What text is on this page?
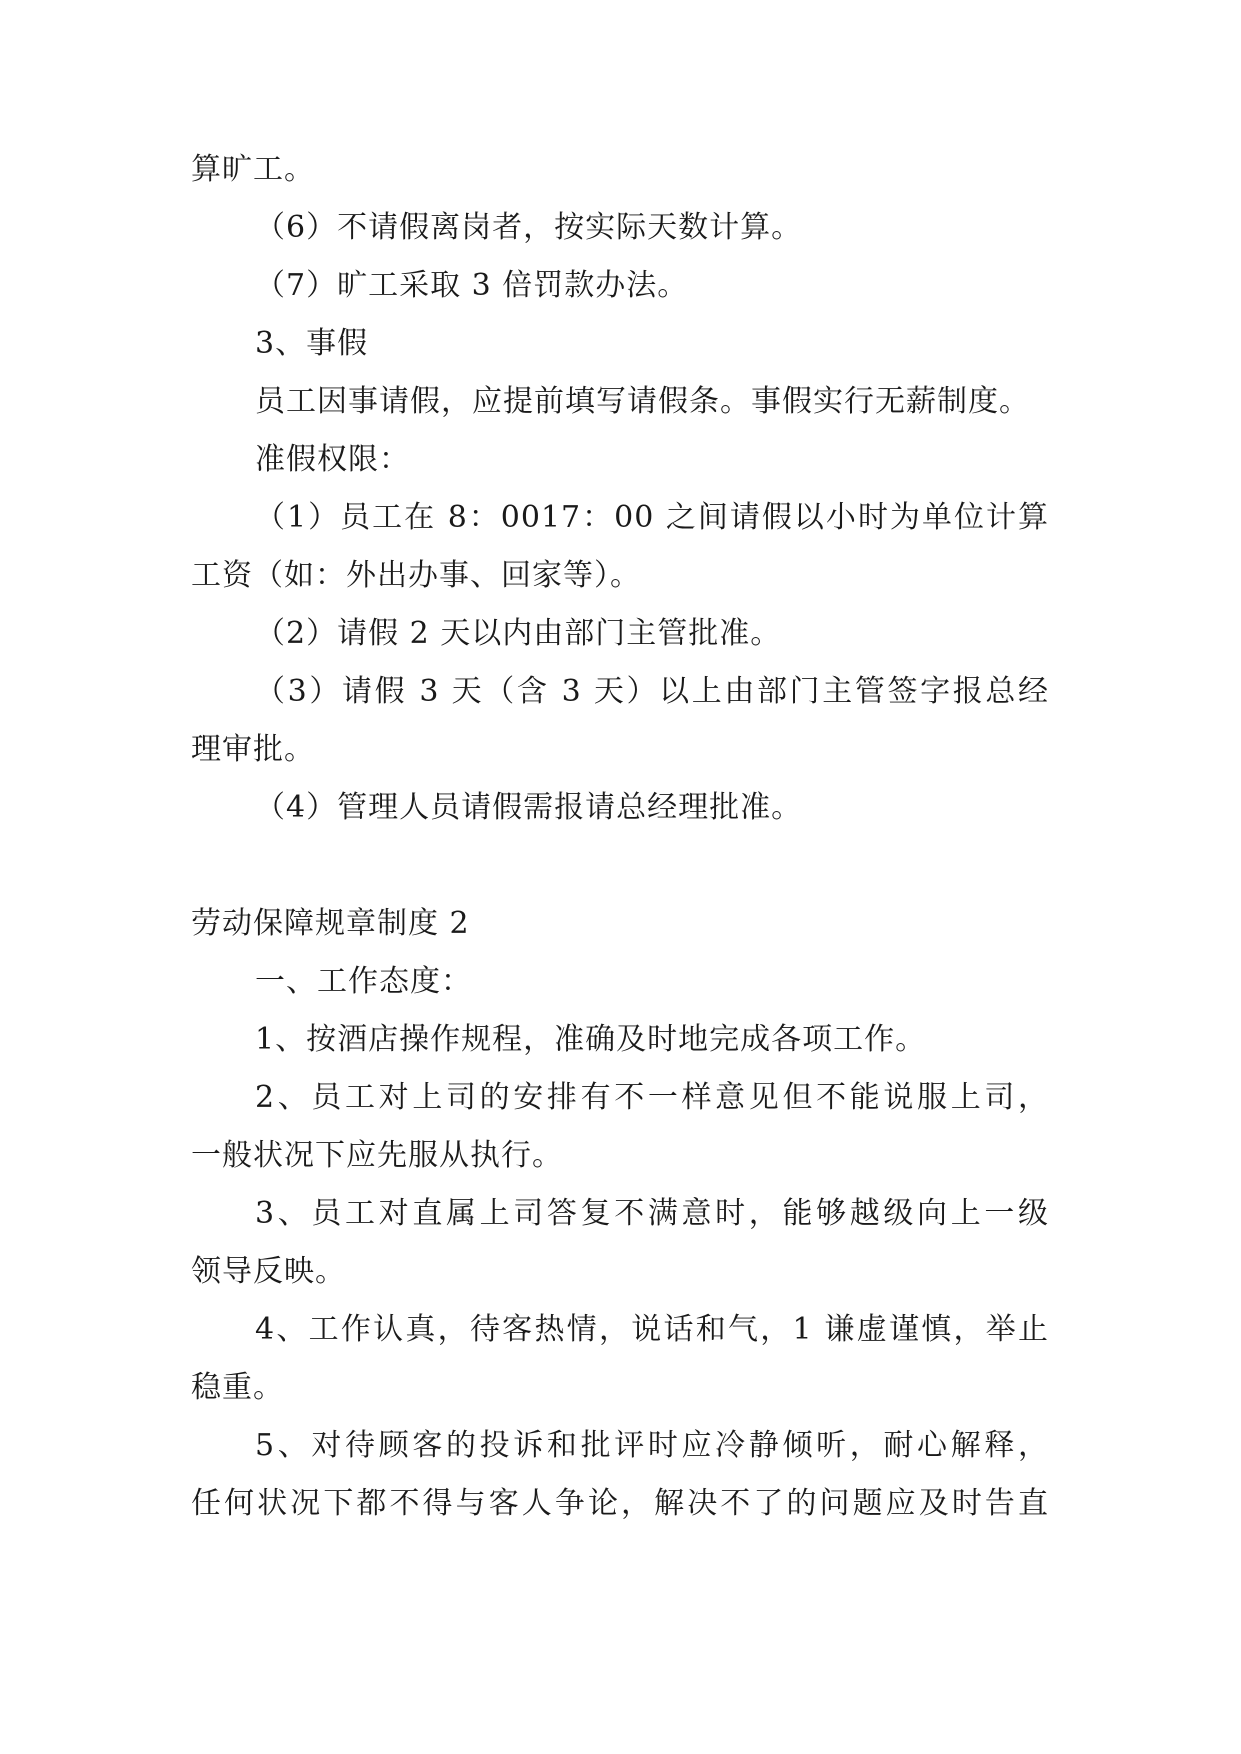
算旷工。
（6）不请假离岗者，按实际天数计算。
（7）旷工采取 3 倍罚款办法。
3、事假
员工因事请假，应提前填写请假条。事假实行无薪制度。
准假权限：
（1）员工在 8：0017：00 之间请假以小时为单位计算
工资（如：外出办事、回家等）。
（2）请假 2 天以内由部门主管批准。
（3）请假 3 天（含 3 天）以上由部门主管签字报总经
理审批。
（4）管理人员请假需报请总经理批准。
劳动保障规章制度 2
一、工作态度：
1、按酒店操作规程，准确及时地完成各项工作。
2、员工对上司的安排有不一样意见但不能说服上司，
一般状况下应先服从执行。
3、员工对直属上司答复不满意时，能够越级向上一级
领导反映。
4、工作认真，待客热情，说话和气，1 谦虚谨慎，举止
稳重。
5、对待顾客的投诉和批评时应冷静倾听，耐心解释，
任何状况下都不得与客人争论，解决不了的问题应及时告直
